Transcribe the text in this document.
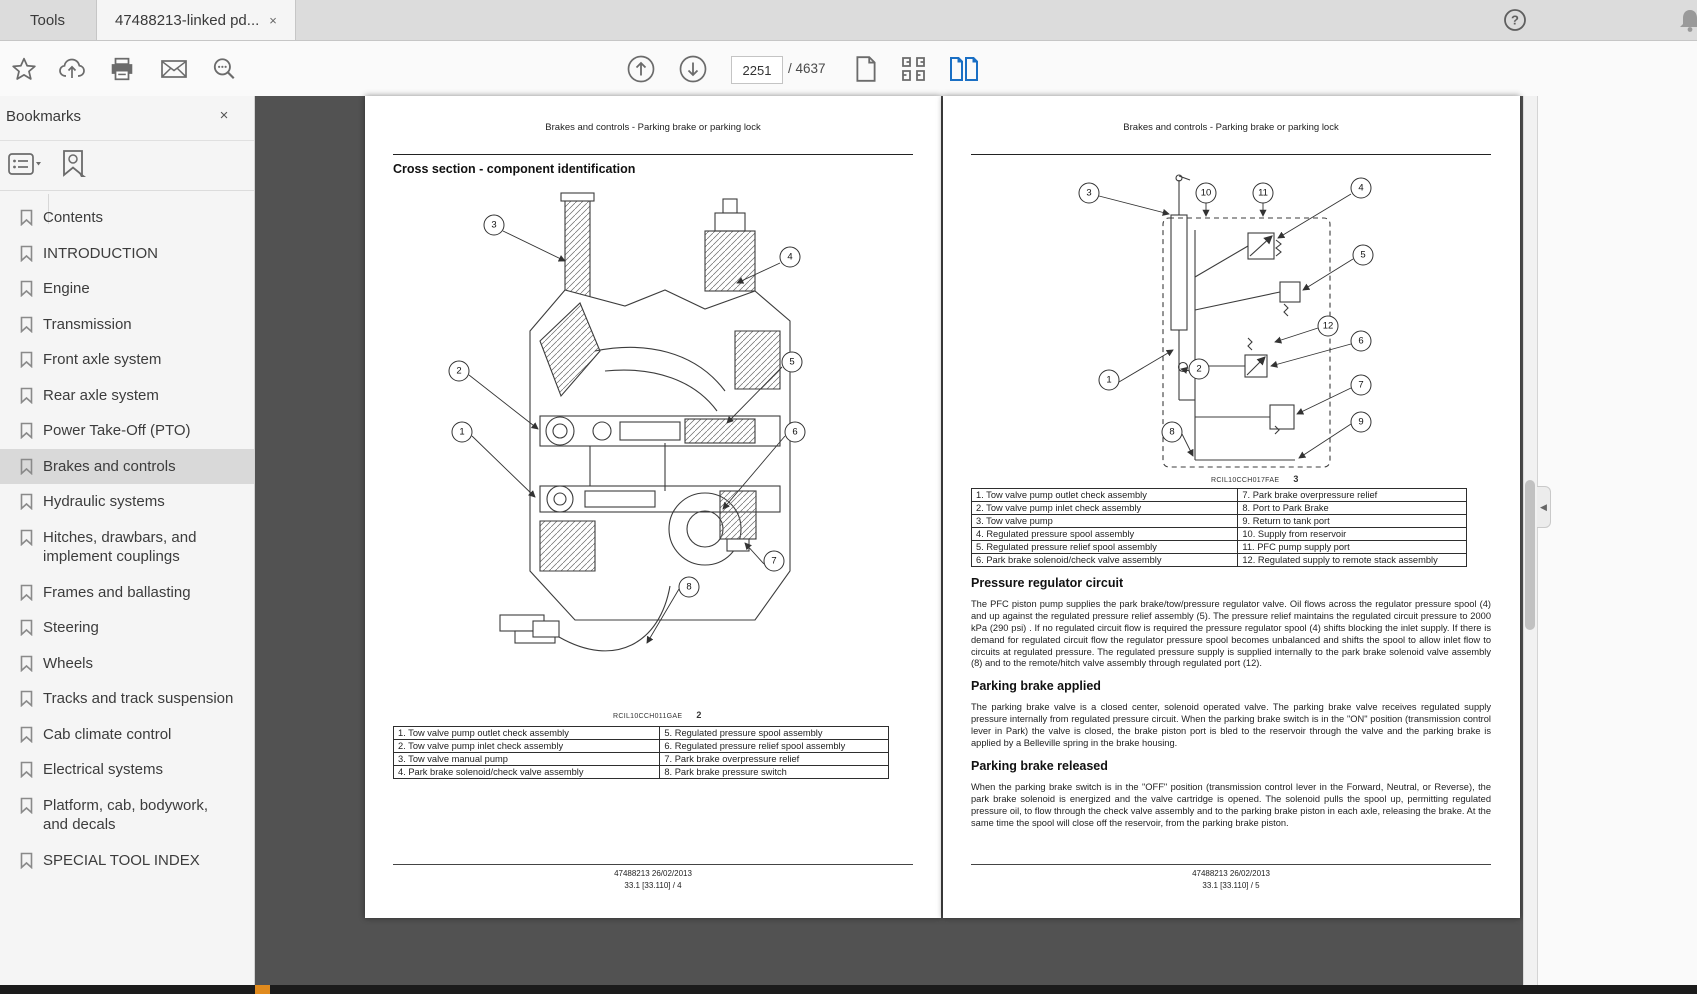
Tools	47488213-linked pd... ×	?
2251
/ 4637
Bookmarks	×
Contents
INTRODUCTION
Engine
Transmission
Front axle system
Rear axle system
Power Take-Off (PTO)
Brakes and controls
Hydraulic systems
Hitches, drawbars, and implement couplings
Frames and ballasting
Steering
Wheels
Tracks and track suspension
Cab climate control
Electrical systems
Platform, cab, bodywork, and decals
SPECIAL TOOL INDEX
Brakes and controls - Parking brake or parking lock
Cross section - component identification
1
2
3
4
5
6
7
8
RCIL10CCH011GAE 2
1. Tow valve pump outlet check assembly	5. Regulated pressure spool assembly
2. Tow valve pump inlet check assembly	6. Regulated pressure relief spool assembly
3. Tow valve manual pump	7. Park brake overpressure relief
4. Park brake solenoid/check valve assembly	8. Park brake pressure switch
47488213 26/02/2013
33.1 [33.110] / 4
Brakes and controls - Parking brake or parking lock
1
2
3	4
5
6
7
8
9
10	11
12
RCIL10CCH017FAE 3
1. Tow valve pump outlet check assembly	7. Park brake overpressure relief
2. Tow valve pump inlet check assembly	8. Port to Park Brake
3. Tow valve pump	9. Return to tank port
4. Regulated pressure spool assembly	10. Supply from reservoir
5. Regulated pressure relief spool assembly	11. PFC pump supply port
6. Park brake solenoid/check valve assembly	12. Regulated supply to remote stack assembly
Pressure regulator circuit
The PFC piston pump supplies the park brake/tow/pressure regulator valve. Oil flows across the regulator pressure spool (4) and up against the regulated pressure relief assembly (5). The pressure relief maintains the regulated circuit pressure to 2000 kPa (290 psi) . If no regulated circuit flow is required the pressure regulator spool (4) shifts blocking the inlet supply. If there is demand for regulated circuit flow the regulator pressure spool becomes unbalanced and shifts the spool to allow inlet flow to circuits at regulated pressure. The regulated pressure supply is supplied internally to the park brake solenoid valve assembly (8) and to the remote/hitch valve assembly through regulated port (12).
Parking brake applied
The parking brake valve is a closed center, solenoid operated valve. The parking brake valve receives regulated supply pressure internally from regulated pressure circuit. When the parking brake switch is in the "ON" position (transmission control lever in Park) the valve is closed, the brake piston port is bled to the reservoir through the valve and the parking brake is applied by a Belleville spring in the brake housing.
Parking brake released
When the parking brake switch is in the "OFF" position (transmission control lever in the Forward, Neutral, or Reverse), the park brake solenoid is energized and the valve cartridge is opened. The solenoid pulls the spool up, permitting regulated pressure oil, to flow through the check valve assembly and to the parking brake piston in each axle, releasing the brake. At the same time the spool will close off the reservoir, from the parking brake piston.
47488213 26/02/2013
33.1 [33.110] / 5
◀
